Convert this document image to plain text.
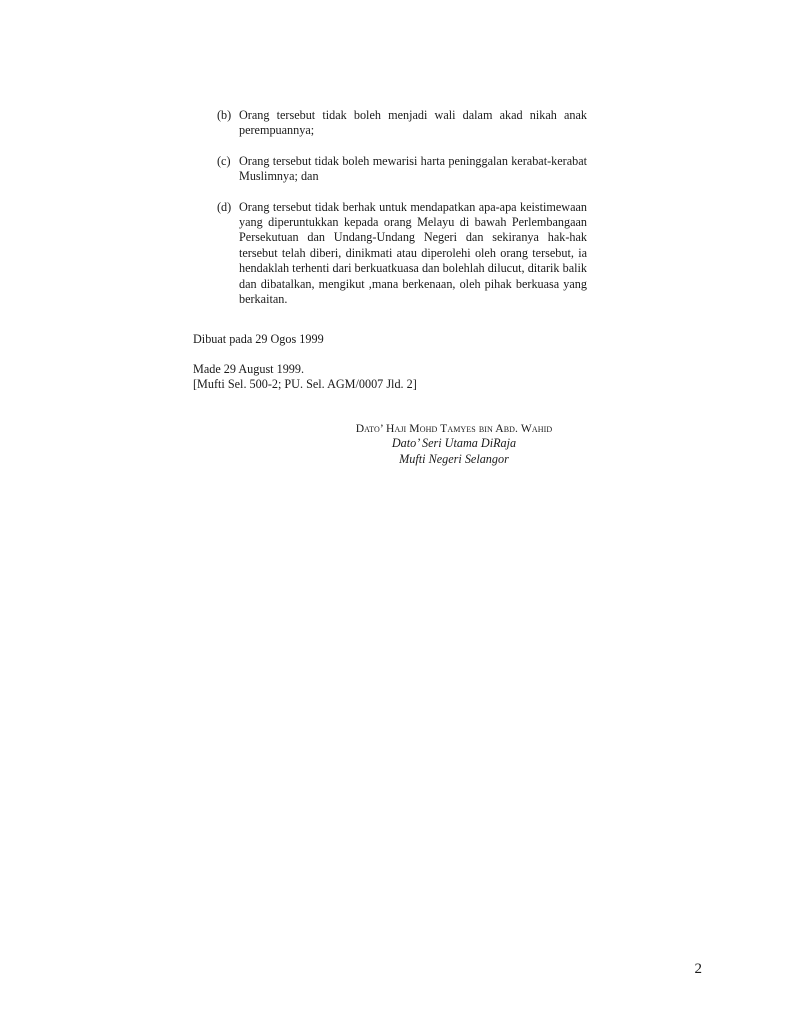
(b) Orang tersebut tidak boleh menjadi wali dalam akad nikah anak perempuannya;
(c) Orang tersebut tidak boleh mewarisi harta peninggalan kerabat-kerabat Muslimnya; dan
(d) Orang tersebut tidak berhak untuk mendapatkan apa-apa keistimewaan yang diperuntukkan kepada orang Melayu di bawah Perlembangaan Persekutuan dan Undang-Undang Negeri dan sekiranya hak-hak tersebut telah diberi, dinikmati atau diperolehi oleh orang tersebut, ia hendaklah terhenti dari berkuatkuasa dan bolehlah dilucut, ditarik balik dan dibatalkan, mengikut ,mana berkenaan, oleh pihak berkuasa yang berkaitan.
Dibuat pada 29 Ogos 1999
Made 29 August 1999.
[Mufti Sel. 500-2; PU. Sel. AGM/0007 Jld. 2]
Dato’ Haji Mohd Tamyes bin Abd. Wahid
Dato’ Seri Utama DiRaja
Mufti Negeri Selangor
2
